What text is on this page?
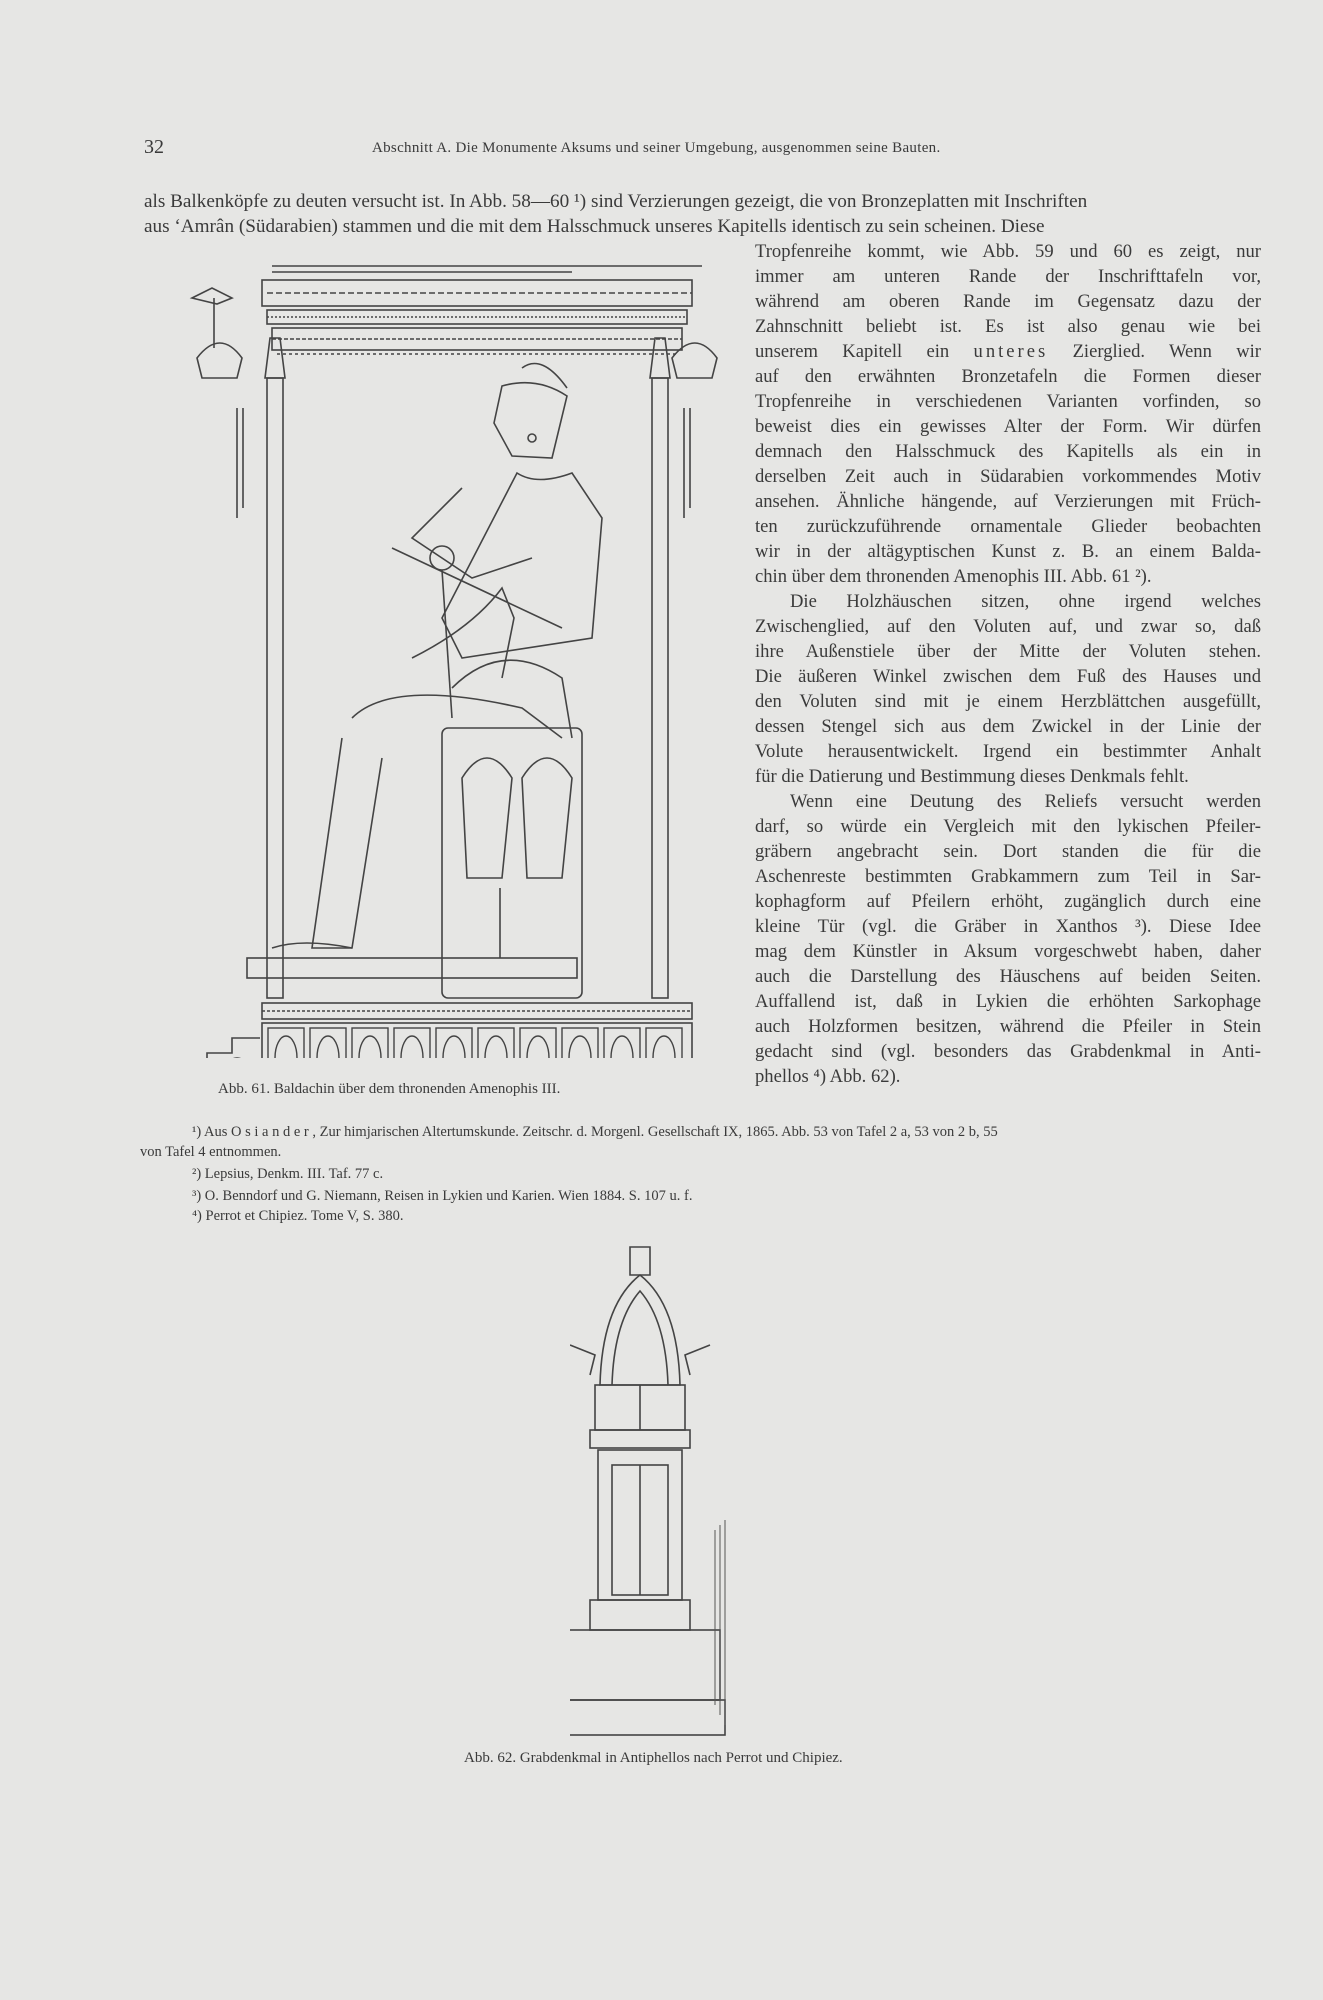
32	Abschnitt A. Die Monumente Aksums und seiner Umgebung, ausgenommen seine Bauten.
als Balkenköpfe zu deuten versucht ist. In Abb. 58—60 ¹) sind Verzierungen gezeigt, die von Bronzeplatten mit Inschriften
aus ‘Amrân (Südarabien) stammen und die mit dem Halsschmuck unseres Kapitells identisch zu sein scheinen. Diese
Tropfenreihe kommt, wie Abb. 59 und 60 es zeigt, nur
immer am unteren Rande der Inschrifttafeln vor,
während am oberen Rande im Gegensatz dazu der
Zahnschnitt beliebt ist. Es ist also genau wie bei
unserem Kapitell ein unteres Zierglied. Wenn wir
auf den erwähnten Bronzetafeln die Formen dieser
Tropfenreihe in verschiedenen Varianten vorfinden, so
beweist dies ein gewisses Alter der Form. Wir dürfen
demnach den Halsschmuck des Kapitells als ein in
derselben Zeit auch in Südarabien vorkommendes Motiv
ansehen. Ähnliche hängende, auf Verzierungen mit Früch-
ten zurückzuführende ornamentale Glieder beobachten
wir in der altägyptischen Kunst z. B. an einem Balda-
chin über dem thronenden Amenophis III. Abb. 61 ²).
Die Holzhäuschen sitzen, ohne irgend welches
Zwischenglied, auf den Voluten auf, und zwar so, daß
ihre Außenstiele über der Mitte der Voluten stehen.
Die äußeren Winkel zwischen dem Fuß des Hauses und
den Voluten sind mit je einem Herzblättchen ausgefüllt,
dessen Stengel sich aus dem Zwickel in der Linie der
Volute herausentwickelt. Irgend ein bestimmter Anhalt
für die Datierung und Bestimmung dieses Denkmals fehlt.
Wenn eine Deutung des Reliefs versucht werden
darf, so würde ein Vergleich mit den lykischen Pfeiler-
gräbern angebracht sein. Dort standen die für die
Aschenreste bestimmten Grabkammern zum Teil in Sar-
kophagform auf Pfeilern erhöht, zugänglich durch eine
kleine Tür (vgl. die Gräber in Xanthos ³). Diese Idee
mag dem Künstler in Aksum vorgeschwebt haben, daher
auch die Darstellung des Häuschens auf beiden Seiten.
Auffallend ist, daß in Lykien die erhöhten Sarkophage
auch Holzformen besitzen, während die Pfeiler in Stein
gedacht sind (vgl. besonders das Grabdenkmal in Anti-
phellos ⁴) Abb. 62).
Abb. 61. Baldachin über dem thronenden Amenophis III.
¹) Aus O s i a n d e r , Zur himjarischen Altertumskunde. Zeitschr. d. Morgenl. Gesellschaft IX, 1865. Abb. 53 von Tafel 2 a, 53 von 2 b, 55
von Tafel 4 entnommen.
²) Lepsius, Denkm. III. Taf. 77 c.
³) O. Benndorf und G. Niemann, Reisen in Lykien und Karien. Wien 1884. S. 107 u. f.
⁴) Perrot et Chipiez. Tome V, S. 380.
Abb. 62. Grabdenkmal in Antiphellos nach Perrot und Chipiez.
